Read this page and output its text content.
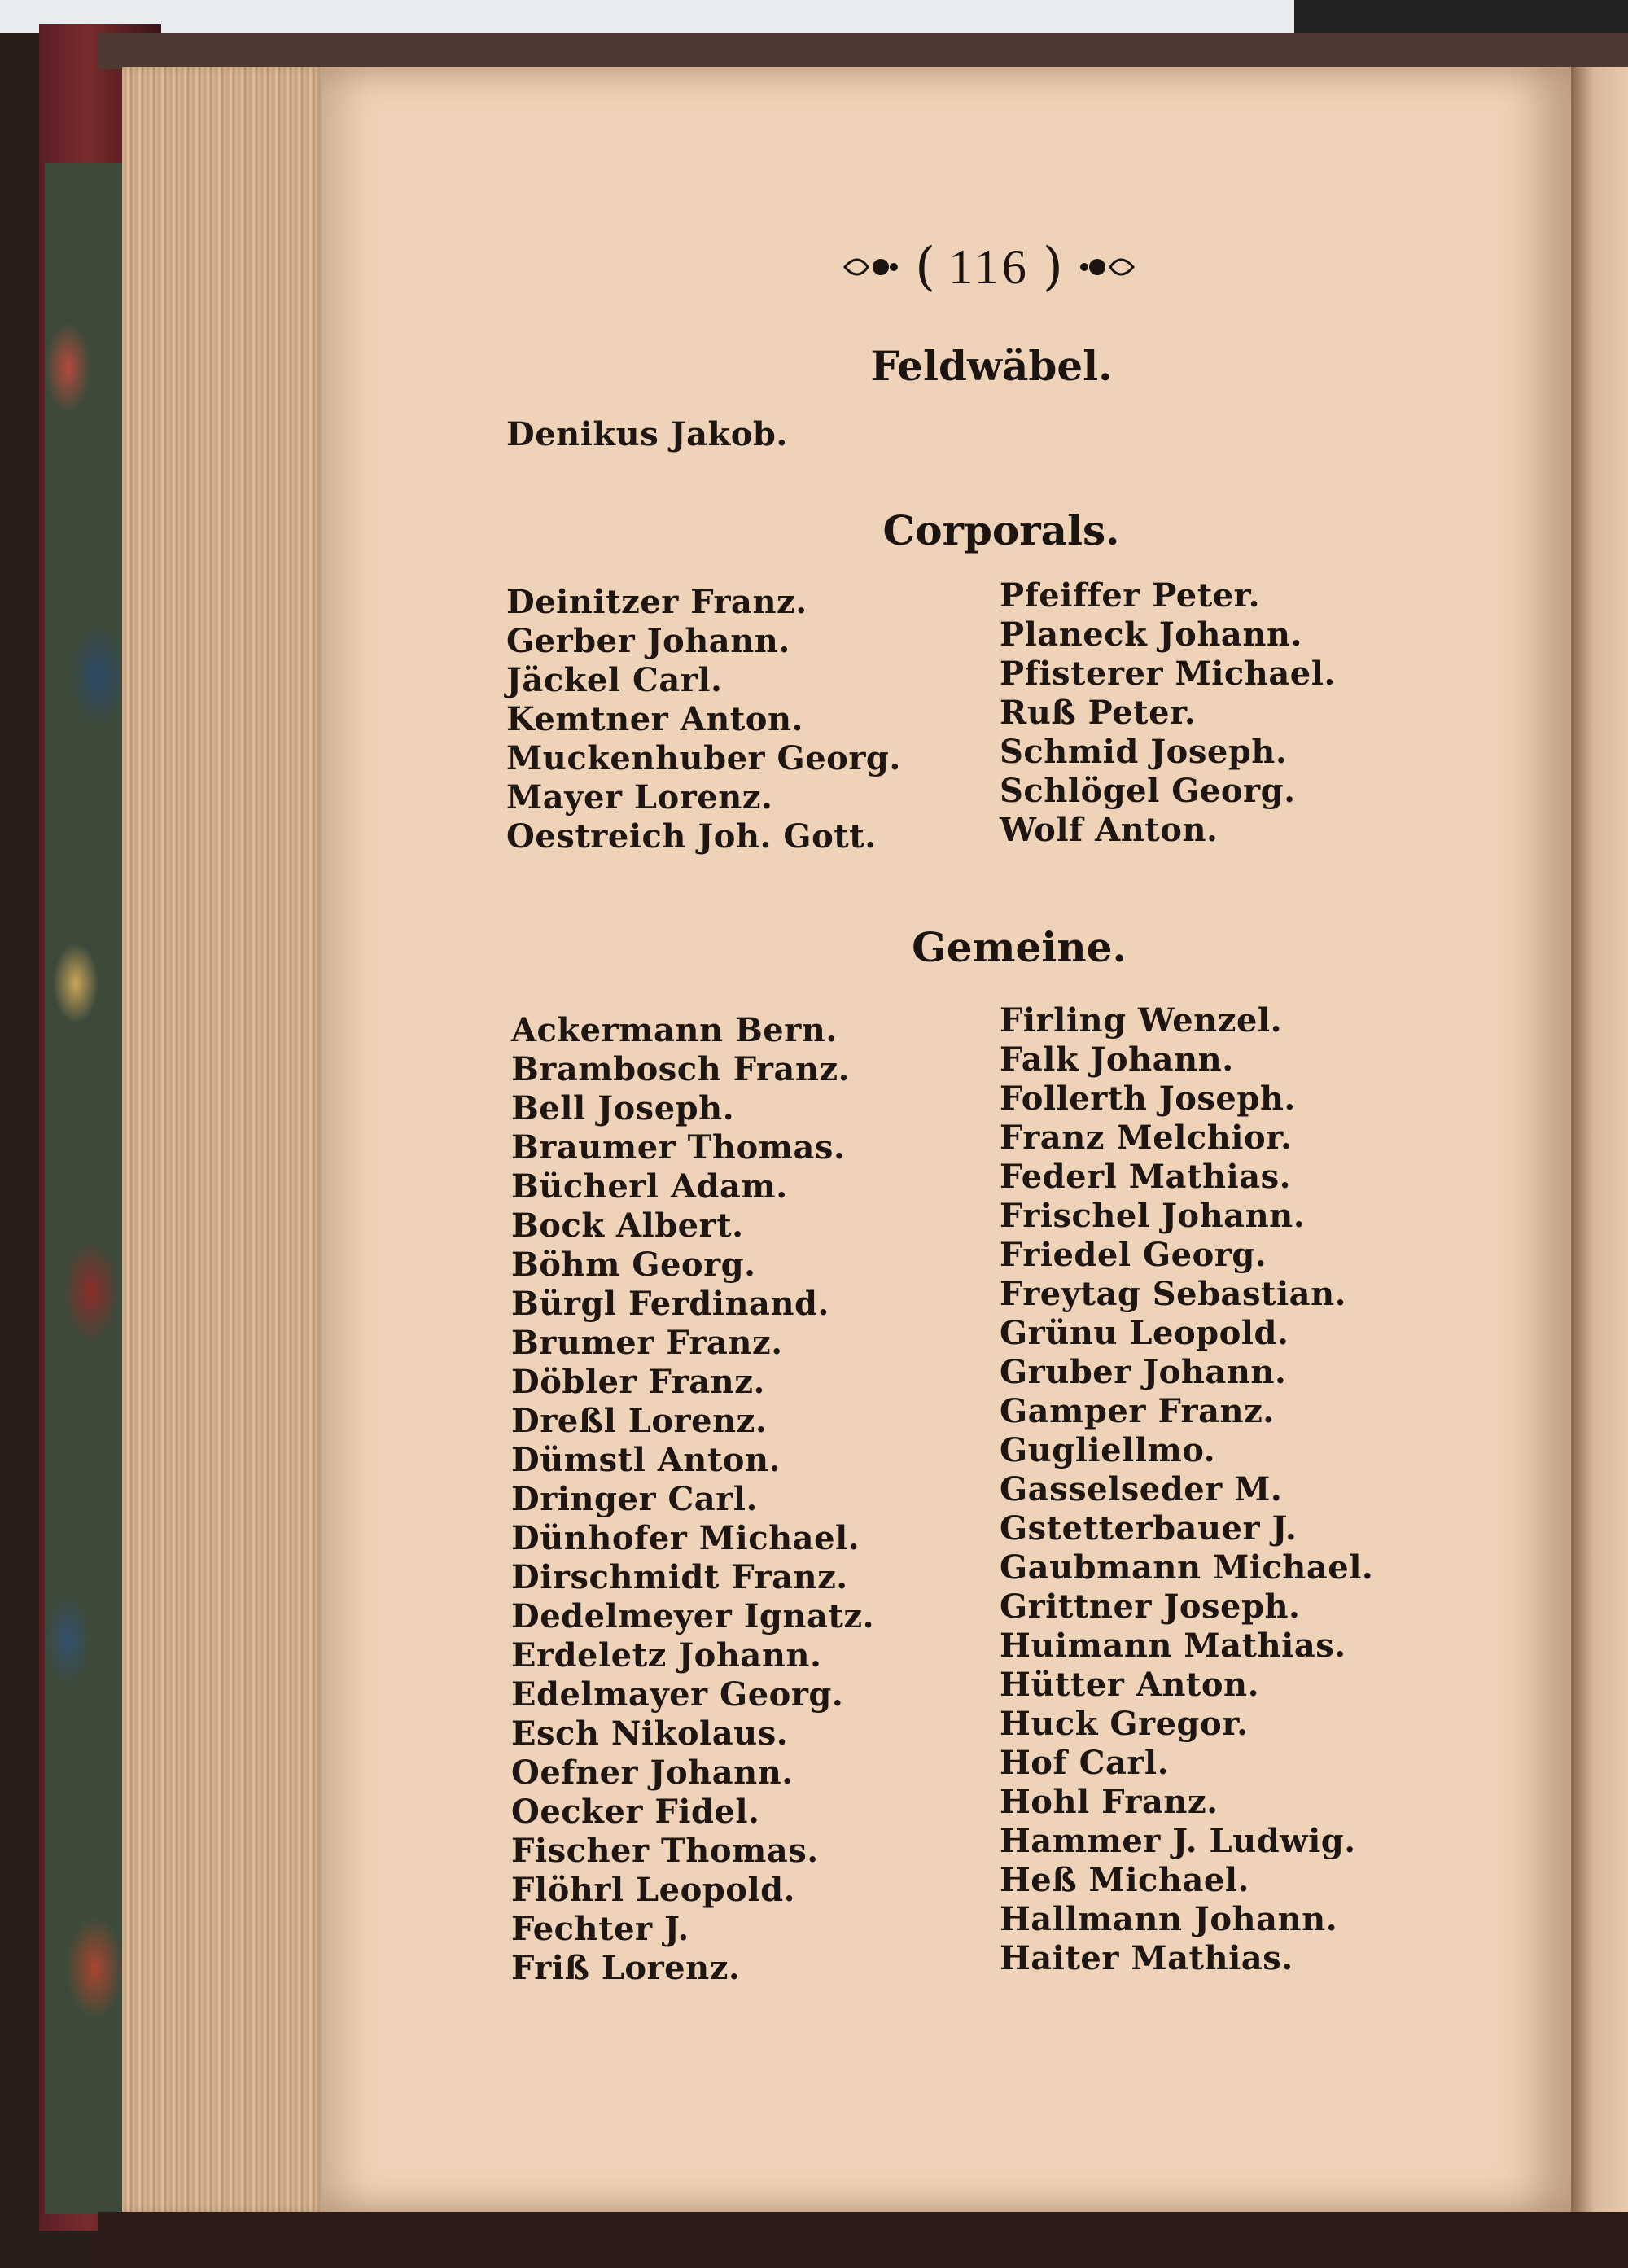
( 116 )
Feldwäbel.
Denikus Jakob.
Corporals.
Deinitzer Franz.
Gerber Johann.
Jäckel Carl.
Kemtner Anton.
Muckenhuber Georg.
Mayer Lorenz.
Oestreich Joh. Gott.
Pfeiffer Peter.
Planeck Johann.
Pfisterer Michael.
Ruß Peter.
Schmid Joseph.
Schlögel Georg.
Wolf Anton.
Gemeine.
Ackermann Bern.
Brambosch Franz.
Bell Joseph.
Braumer Thomas.
Bücherl Adam.
Bock Albert.
Böhm Georg.
Bürgl Ferdinand.
Brumer Franz.
Döbler Franz.
Dreßl Lorenz.
Dümstl Anton.
Dringer Carl.
Dünhofer Michael.
Dirschmidt Franz.
Dedelmeyer Ignatz.
Erdeletz Johann.
Edelmayer Georg.
Esch Nikolaus.
Oefner Johann.
Oecker Fidel.
Fischer Thomas.
Flöhrl Leopold.
Fechter J.
Friß Lorenz.
Firling Wenzel.
Falk Johann.
Follerth Joseph.
Franz Melchior.
Federl Mathias.
Frischel Johann.
Friedel Georg.
Freytag Sebastian.
Grünu Leopold.
Gruber Johann.
Gamper Franz.
Gugliellmo.
Gasselseder M.
Gstetterbauer J.
Gaubmann Michael.
Grittner Joseph.
Huimann Mathias.
Hütter Anton.
Huck Gregor.
Hof Carl.
Hohl Franz.
Hammer J. Ludwig.
Heß Michael.
Hallmann Johann.
Haiter Mathias.
